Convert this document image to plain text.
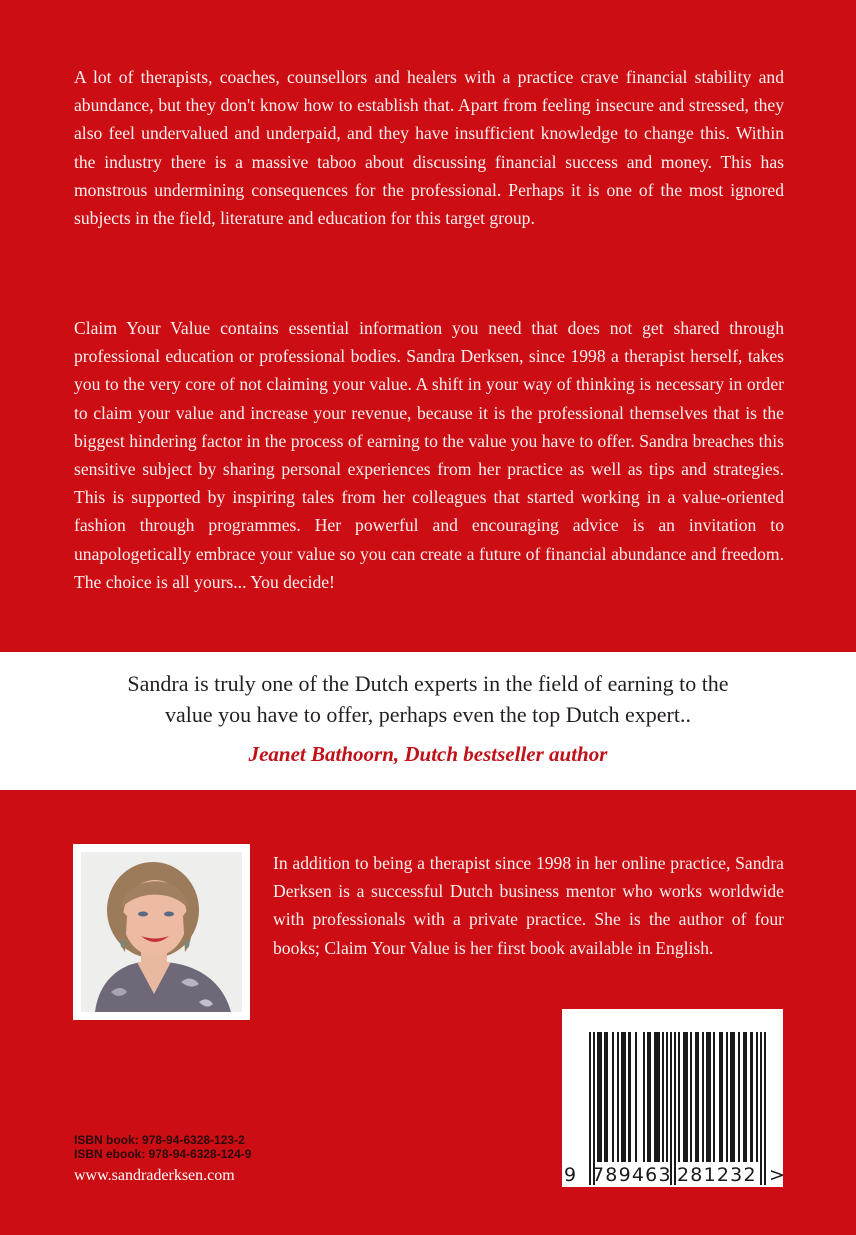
A lot of therapists, coaches, counsellors and healers with a practice crave financial stability and abundance, but they don't know how to establish that. Apart from feeling insecure and stressed, they also feel undervalued and underpaid, and they have insufficient knowledge to change this. Within the industry there is a massive taboo about discussing financial success and money. This has monstrous undermining consequences for the professional. Perhaps it is one of the most ignored subjects in the field, literature and education for this target group.

Claim Your Value contains essential information you need that does not get shared through professional education or professional bodies. Sandra Derksen, since 1998 a therapist herself, takes you to the very core of not claiming your value. A shift in your way of thinking is necessary in order to claim your value and increase your revenue, because it is the professional themselves that is the biggest hindering factor in the process of earning to the value you have to offer. Sandra breaches this sensitive subject by sharing personal experiences from her practice as well as tips and strategies. This is supported by inspiring tales from her colleagues that started working in a value-oriented fashion through programmes. Her powerful and encouraging advice is an invitation to unapologetically embrace your value so you can create a future of financial abundance and freedom. The choice is all yours... You decide!

Sandra is truly one of the Dutch experts in the field of earning to the
value you have to offer, perhaps even the top Dutch expert..

Jeanet Bathoorn, Dutch bestseller author

In addition to being a therapist since 1998 in her online practice, Sandra Derksen is a successful Dutch business mentor who works worldwide with professionals with a private practice. She is the author of four books; Claim Your Value is her first book available in English.

ISBN book: 978-94-6328-123-2
ISBN ebook: 978-94-6328-124-9
www.sandraderksen.com	9 789463 281232 >
